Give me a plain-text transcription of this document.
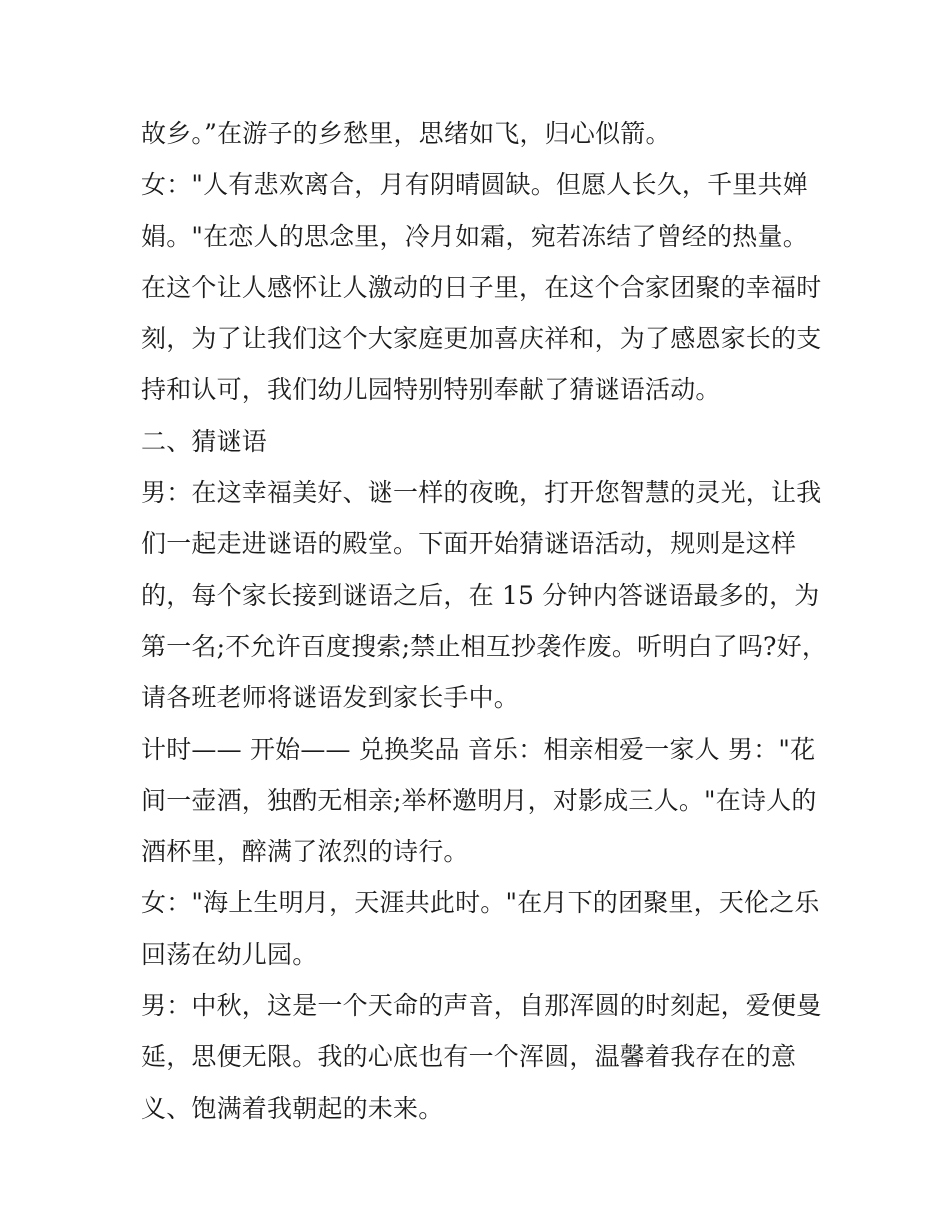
故乡。”在游子的乡愁里，思绪如飞，归心似箭。
女："人有悲欢离合，月有阴晴圆缺。但愿人长久，千里共婵
娟。"在恋人的思念里，冷月如霜，宛若冻结了曾经的热量。
在这个让人感怀让人激动的日子里，在这个合家团聚的幸福时
刻，为了让我们这个大家庭更加喜庆祥和，为了感恩家长的支
持和认可，我们幼儿园特别特别奉献了猜谜语活动。
二、猜谜语
男：在这幸福美好、谜一样的夜晚，打开您智慧的灵光，让我
们一起走进谜语的殿堂。下面开始猜谜语活动，规则是这样
的，每个家长接到谜语之后，在 15 分钟内答谜语最多的，为
第一名;不允许百度搜索;禁止相互抄袭作废。听明白了吗?好，
请各班老师将谜语发到家长手中。
计时—— 开始—— 兑换奖品 音乐：相亲相爱一家人 男："花
间一壶酒，独酌无相亲;举杯邀明月，对影成三人。"在诗人的
酒杯里，醉满了浓烈的诗行。
女："海上生明月，天涯共此时。"在月下的团聚里，天伦之乐
回荡在幼儿园。
男：中秋，这是一个天命的声音，自那浑圆的时刻起，爱便曼
延，思便无限。我的心底也有一个浑圆，温馨着我存在的意
义、饱满着我朝起的未来。
